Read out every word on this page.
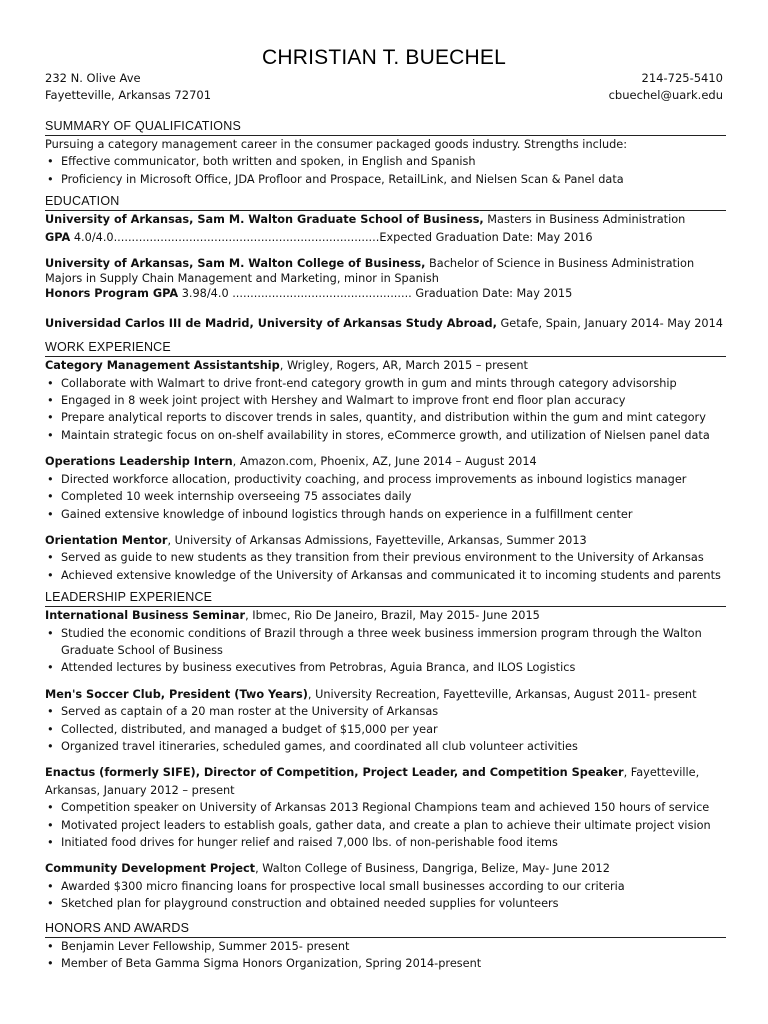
CHRISTIAN T. BUECHEL
232 N. Olive Ave
Fayetteville, Arkansas 72701
214-725-5410
cbuechel@uark.edu
SUMMARY OF QUALIFICATIONS
Pursuing a category management career in the consumer packaged goods industry. Strengths include:
• Effective communicator, both written and spoken, in English and Spanish
• Proficiency in Microsoft Office, JDA Profloor and Prospace, RetailLink, and Nielsen Scan & Panel data
EDUCATION
University of Arkansas, Sam M. Walton Graduate School of Business, Masters in Business Administration
GPA 4.0/4.0..........................................................................Expected Graduation Date: May 2016
University of Arkansas, Sam M. Walton College of Business, Bachelor of Science in Business Administration
Majors in Supply Chain Management and Marketing, minor in Spanish
Honors Program GPA 3.98/4.0 .................................................. Graduation Date: May 2015
Universidad Carlos III de Madrid, University of Arkansas Study Abroad, Getafe, Spain, January 2014- May 2014
WORK EXPERIENCE
Category Management Assistantship, Wrigley, Rogers, AR, March 2015 – present
• Collaborate with Walmart to drive front-end category growth in gum and mints through category advisorship
• Engaged in 8 week joint project with Hershey and Walmart to improve front end floor plan accuracy
• Prepare analytical reports to discover trends in sales, quantity, and distribution within the gum and mint category
• Maintain strategic focus on on-shelf availability in stores, eCommerce growth, and utilization of Nielsen panel data
Operations Leadership Intern, Amazon.com, Phoenix, AZ, June 2014 – August 2014
• Directed workforce allocation, productivity coaching, and process improvements as inbound logistics manager
• Completed 10 week internship overseeing 75 associates daily
• Gained extensive knowledge of inbound logistics through hands on experience in a fulfillment center
Orientation Mentor, University of Arkansas Admissions, Fayetteville, Arkansas, Summer 2013
• Served as guide to new students as they transition from their previous environment to the University of Arkansas
• Achieved extensive knowledge of the University of Arkansas and communicated it to incoming students and parents
LEADERSHIP EXPERIENCE
International Business Seminar, Ibmec, Rio De Janeiro, Brazil, May 2015- June 2015
• Studied the economic conditions of Brazil through a three week business immersion program through the Walton
Graduate School of Business
• Attended lectures by business executives from Petrobras, Aguia Branca, and ILOS Logistics
Men's Soccer Club, President (Two Years), University Recreation, Fayetteville, Arkansas, August 2011- present
• Served as captain of a 20 man roster at the University of Arkansas
• Collected, distributed, and managed a budget of $15,000 per year
• Organized travel itineraries, scheduled games, and coordinated all club volunteer activities
Enactus (formerly SIFE), Director of Competition, Project Leader, and Competition Speaker, Fayetteville,
Arkansas, January 2012 – present
• Competition speaker on University of Arkansas 2013 Regional Champions team and achieved 150 hours of service
• Motivated project leaders to establish goals, gather data, and create a plan to achieve their ultimate project vision
• Initiated food drives for hunger relief and raised 7,000 lbs. of non-perishable food items
Community Development Project, Walton College of Business, Dangriga, Belize, May- June 2012
• Awarded $300 micro financing loans for prospective local small businesses according to our criteria
• Sketched plan for playground construction and obtained needed supplies for volunteers
HONORS AND AWARDS
• Benjamin Lever Fellowship, Summer 2015- present
• Member of Beta Gamma Sigma Honors Organization, Spring 2014-present
